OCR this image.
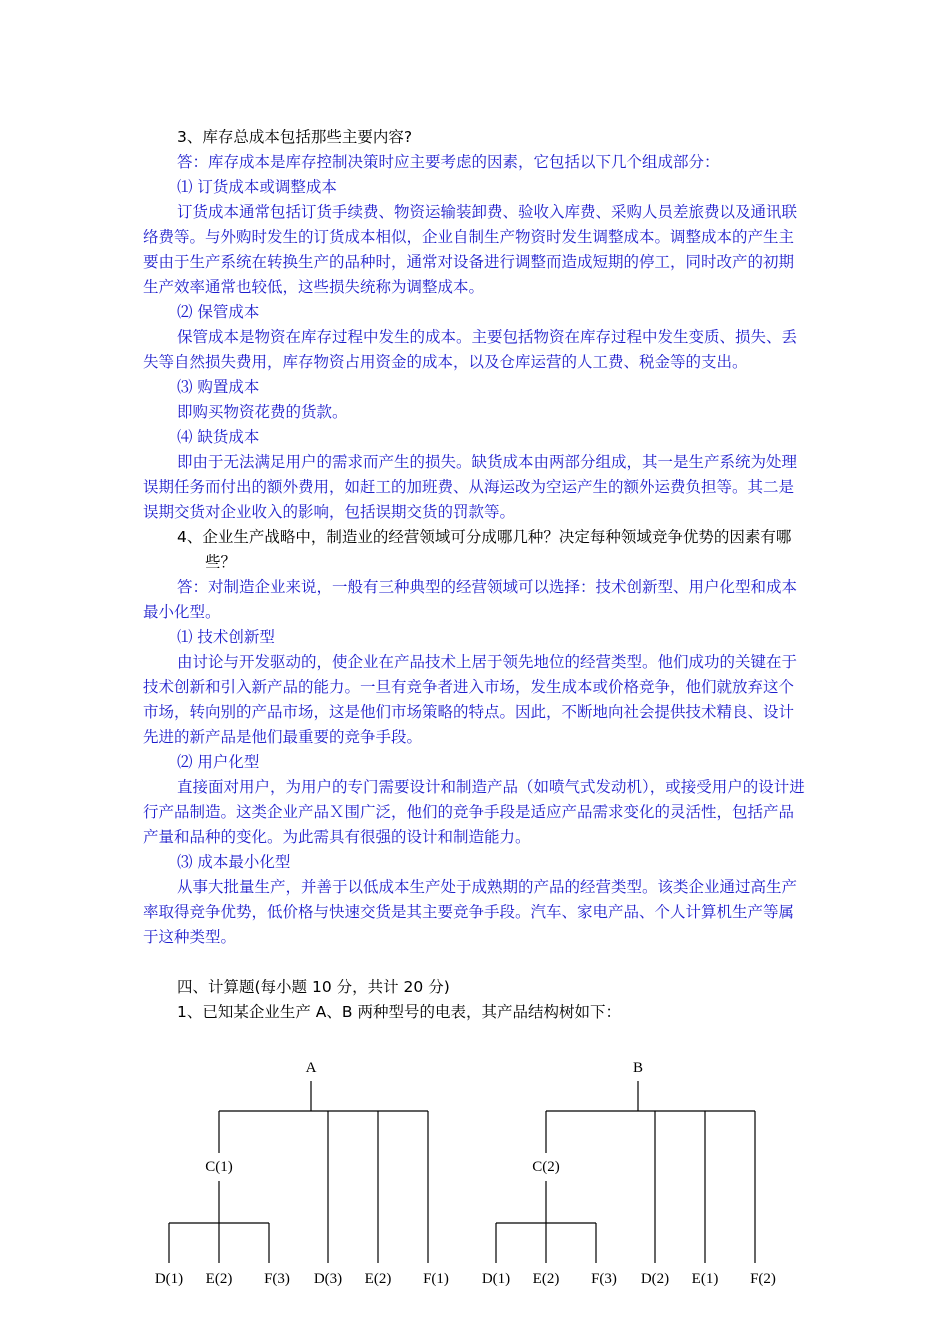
3、库存总成本包括那些主要内容?

答：库存成本是库存控制决策时应主要考虑的因素，它包括以下几个组成部分：

⑴ 订货成本或调整成本

订货成本通常包括订货手续费、物资运输装卸费、验收入库费、采购人员差旅费以及通讯联络费等。与外购时发生的订货成本相似，企业自制生产物资时发生调整成本。调整成本的产生主要由于生产系统在转换生产的品种时，通常对设备进行调整而造成短期的停工，同时改产的初期生产效率通常也较低，这些损失统称为调整成本。

⑵ 保管成本

保管成本是物资在库存过程中发生的成本。主要包括物资在库存过程中发生变质、损失、丢失等自然损失费用，库存物资占用资金的成本，以及仓库运营的人工费、税金等的支出。

⑶ 购置成本

即购买物资花费的货款。

⑷ 缺货成本

即由于无法满足用户的需求而产生的损失。缺货成本由两部分组成，其一是生产系统为处理误期任务而付出的额外费用，如赶工的加班费、从海运改为空运产生的额外运费负担等。其二是误期交货对企业收入的影响，包括误期交货的罚款等。

4、企业生产战略中，制造业的经营领域可分成哪几种？决定每种领域竞争优势的因素有哪些？

答：对制造企业来说，一般有三种典型的经营领域可以选择：技术创新型、用户化型和成本最小化型。

⑴ 技术创新型

由讨论与开发驱动的，使企业在产品技术上居于领先地位的经营类型。他们成功的关键在于技术创新和引入新产品的能力。一旦有竞争者进入市场，发生成本或价格竞争，他们就放弃这个市场，转向别的产品市场，这是他们市场策略的特点。因此，不断地向社会提供技术精良、设计先进的新产品是他们最重要的竞争手段。

⑵ 用户化型

直接面对用户，为用户的专门需要设计和制造产品（如喷气式发动机），或接受用户的设计进行产品制造。这类企业产品Ｘ围广泛，他们的竞争手段是适应产品需求变化的灵活性，包括产品产量和品种的变化。为此需具有很强的设计和制造能力。

⑶ 成本最小化型

从事大批量生产，并善于以低成本生产处于成熟期的产品的经营类型。该类企业通过高生产率取得竞争优势，低价格与快速交货是其主要竞争手段。汽车、家电产品、个人计算机生产等属于这种类型。

四、计算题(每小题 10 分，共计 20 分)

1、已知某企业生产 A、B 两种型号的电表，其产品结构树如下：

A
C(1)
D(1) E(2) F(3) D(3) E(2) F(1)
B
C(2)
D(1) E(2) F(3) D(2) E(1) F(2)
